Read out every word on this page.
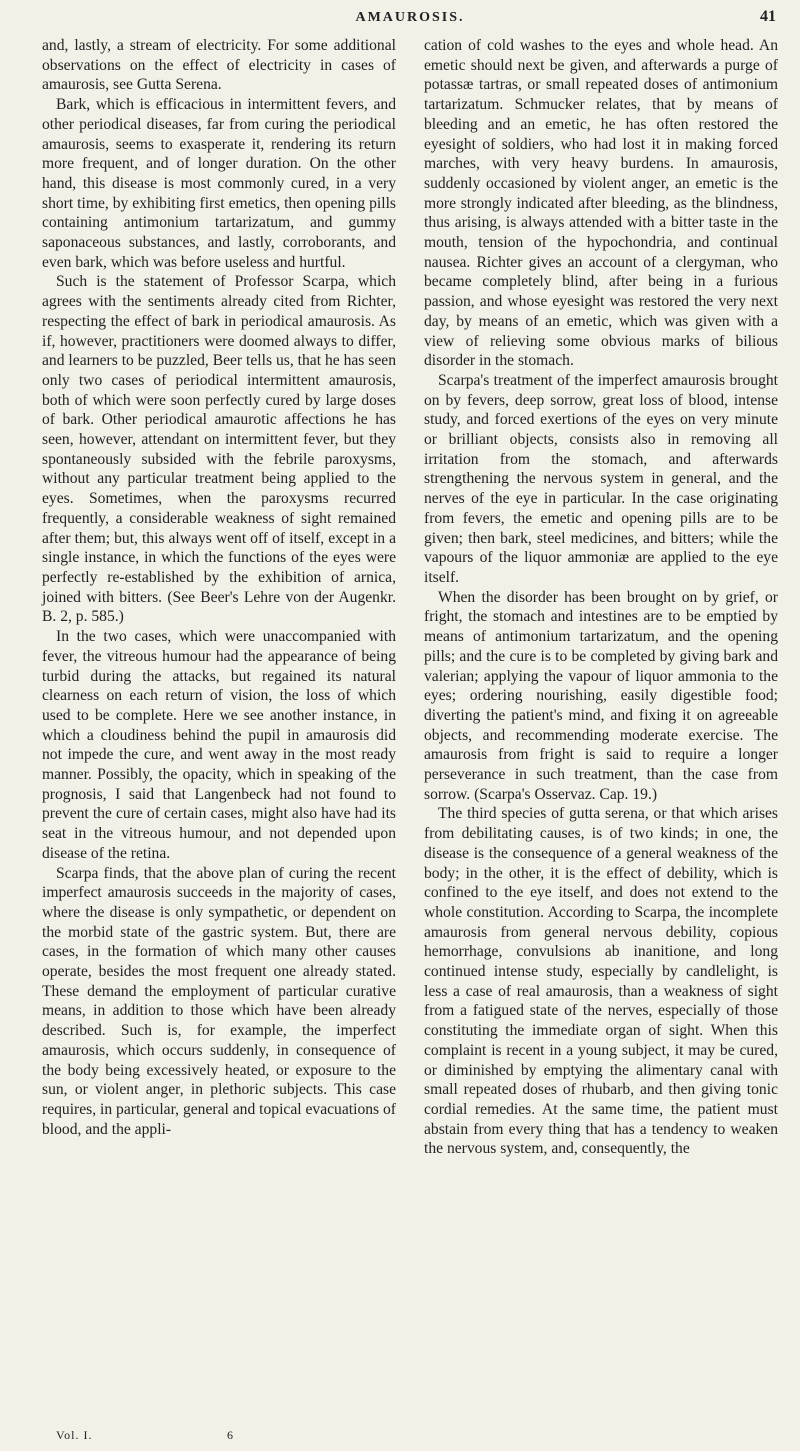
AMAUROSIS.	41

and, lastly, a stream of electricity. For some additional observations on the effect of electricity in cases of amaurosis, see Gutta Serena.

Bark, which is efficacious in intermittent fevers, and other periodical diseases, far from curing the periodical amaurosis, seems to exasperate it, rendering its return more frequent, and of longer duration. On the other hand, this disease is most commonly cured, in a very short time, by exhibiting first emetics, then opening pills containing antimonium tartarizatum, and gummy saponaceous substances, and lastly, corroborants, and even bark, which was before useless and hurtful.

Such is the statement of Professor Scarpa, which agrees with the sentiments already cited from Richter, respecting the effect of bark in periodical amaurosis. As if, however, practitioners were doomed always to differ, and learners to be puzzled, Beer tells us, that he has seen only two cases of periodical intermittent amaurosis, both of which were soon perfectly cured by large doses of bark. Other periodical amaurotic affections he has seen, however, attendant on intermittent fever, but they spontaneously subsided with the febrile paroxysms, without any particular treatment being applied to the eyes. Sometimes, when the paroxysms recurred frequently, a considerable weakness of sight remained after them; but, this always went off of itself, except in a single instance, in which the functions of the eyes were perfectly re-established by the exhibition of arnica, joined with bitters. (See Beer's Lehre von der Augenkr. B. 2, p. 585.)

In the two cases, which were unaccompanied with fever, the vitreous humour had the appearance of being turbid during the attacks, but regained its natural clearness on each return of vision, the loss of which used to be complete. Here we see another instance, in which a cloudiness behind the pupil in amaurosis did not impede the cure, and went away in the most ready manner. Possibly, the opacity, which in speaking of the prognosis, I said that Langenbeck had not found to prevent the cure of certain cases, might also have had its seat in the vitreous humour, and not depended upon disease of the retina.

Scarpa finds, that the above plan of curing the recent imperfect amaurosis succeeds in the majority of cases, where the disease is only sympathetic, or dependent on the morbid state of the gastric system. But, there are cases, in the formation of which many other causes operate, besides the most frequent one already stated. These demand the employment of particular curative means, in addition to those which have been already described. Such is, for example, the imperfect amaurosis, which occurs suddenly, in consequence of the body being excessively heated, or exposure to the sun, or violent anger, in plethoric subjects. This case requires, in particular, general and topical evacuations of blood, and the appli-

cation of cold washes to the eyes and whole head. An emetic should next be given, and afterwards a purge of potassæ tartras, or small repeated doses of antimonium tartarizatum. Schmucker relates, that by means of bleeding and an emetic, he has often restored the eyesight of soldiers, who had lost it in making forced marches, with very heavy burdens. In amaurosis, suddenly occasioned by violent anger, an emetic is the more strongly indicated after bleeding, as the blindness, thus arising, is always attended with a bitter taste in the mouth, tension of the hypochondria, and continual nausea. Richter gives an account of a clergyman, who became completely blind, after being in a furious passion, and whose eyesight was restored the very next day, by means of an emetic, which was given with a view of relieving some obvious marks of bilious disorder in the stomach.

Scarpa's treatment of the imperfect amaurosis brought on by fevers, deep sorrow, great loss of blood, intense study, and forced exertions of the eyes on very minute or brilliant objects, consists also in removing all irritation from the stomach, and afterwards strengthening the nervous system in general, and the nerves of the eye in particular. In the case originating from fevers, the emetic and opening pills are to be given; then bark, steel medicines, and bitters; while the vapours of the liquor ammoniæ are applied to the eye itself.

When the disorder has been brought on by grief, or fright, the stomach and intestines are to be emptied by means of antimonium tartarizatum, and the opening pills; and the cure is to be completed by giving bark and valerian; applying the vapour of liquor ammonia to the eyes; ordering nourishing, easily digestible food; diverting the patient's mind, and fixing it on agreeable objects, and recommending moderate exercise. The amaurosis from fright is said to require a longer perseverance in such treatment, than the case from sorrow. (Scarpa's Osservaz. Cap. 19.)

The third species of gutta serena, or that which arises from debilitating causes, is of two kinds; in one, the disease is the consequence of a general weakness of the body; in the other, it is the effect of debility, which is confined to the eye itself, and does not extend to the whole constitution. According to Scarpa, the incomplete amaurosis from general nervous debility, copious hemorrhage, convulsions ab inanitione, and long continued intense study, especially by candlelight, is less a case of real amaurosis, than a weakness of sight from a fatigued state of the nerves, especially of those constituting the immediate organ of sight. When this complaint is recent in a young subject, it may be cured, or diminished by emptying the alimentary canal with small repeated doses of rhubarb, and then giving tonic cordial remedies. At the same time, the patient must abstain from every thing that has a tendency to weaken the nervous system, and, consequently, the

Vol. I.	6
